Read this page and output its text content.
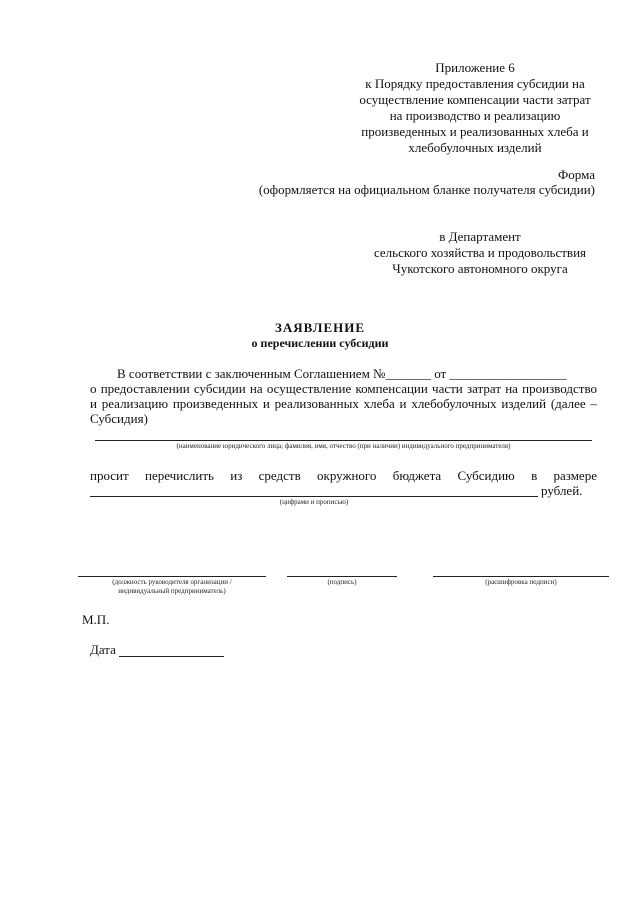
Приложение 6
к Порядку предоставления субсидии на
осуществление компенсации части затрат
на производство и реализацию
произведенных и реализованных хлеба и
хлебобулочных изделий
Форма
(оформляется на официальном бланке получателя субсидии)
в Департамент
сельского хозяйства и продовольствия
Чукотского автономного округа
ЗАЯВЛЕНИЕ
о перечислении субсидии
В соответствии с заключенным Соглашением №_______ от __________________
о предоставлении субсидии на осуществление компенсации части затрат на производство
и реализацию произведенных и реализованных хлеба и хлебобулочных изделий (далее –
Субсидия)
(наименование юридического лица; фамилия, имя, отчество (при наличии) индивидуального предпринимателя)
просит перечислить из средств окружного бюджета Субсидию в размере
рублей.
(цифрами и прописью)
(должность руководителя организации /
индивидуальный предприниматель)
(подпись)	(расшифровка подписи)
М.П.
Дата
